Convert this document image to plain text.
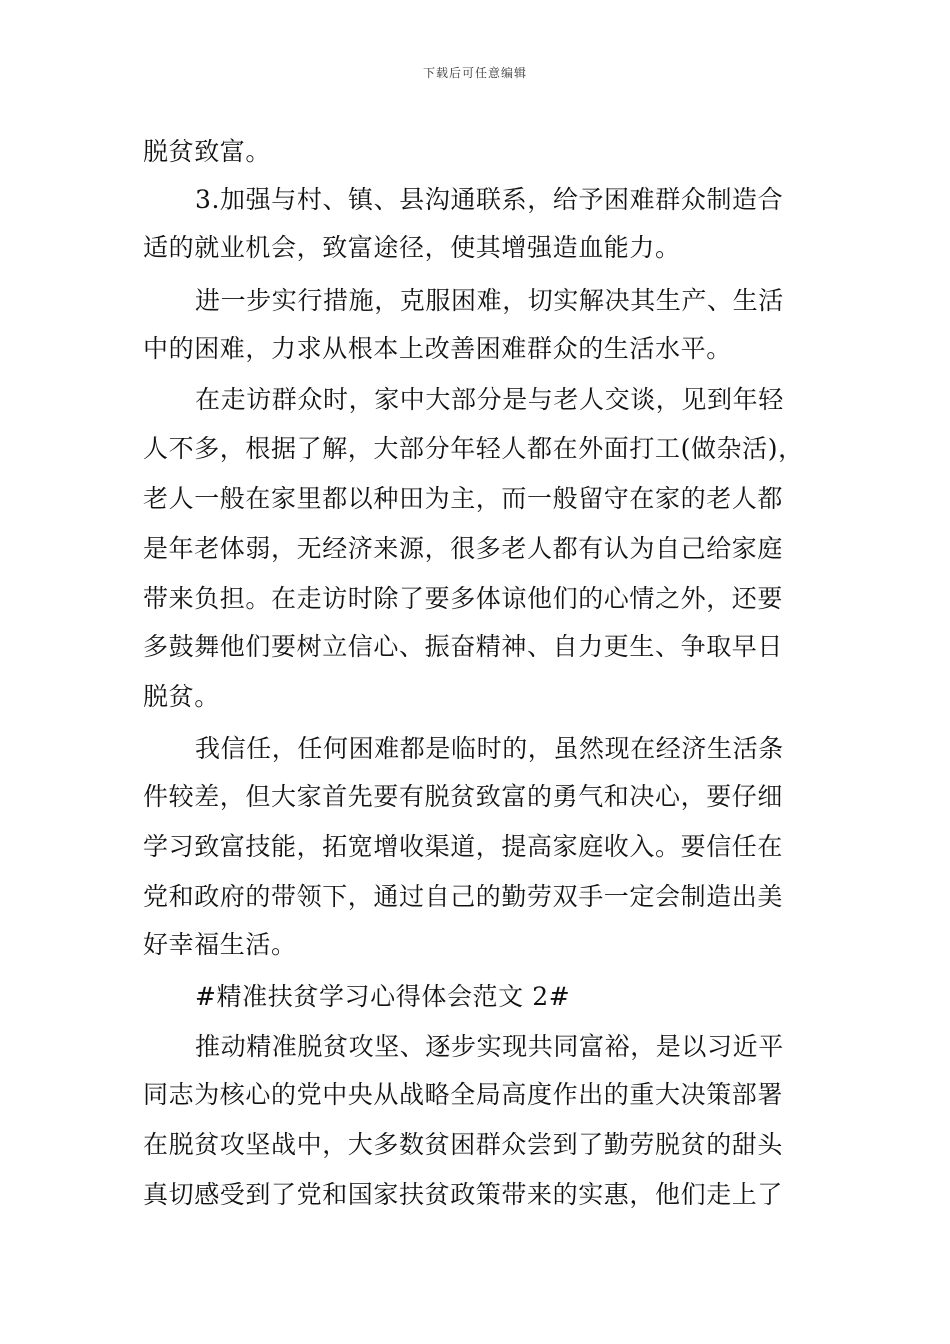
下载后可任意编辑
脱贫致富。
3.加强与村、镇、县沟通联系，给予困难群众制造合
适的就业机会，致富途径，使其增强造血能力。
进一步实行措施，克服困难，切实解决其生产、生活
中的困难，力求从根本上改善困难群众的生活水平。
在走访群众时，家中大部分是与老人交谈，见到年轻
人不多，根据了解，大部分年轻人都在外面打工(做杂活)，
老人一般在家里都以种田为主，而一般留守在家的老人都
是年老体弱，无经济来源，很多老人都有认为自己给家庭
带来负担。在走访时除了要多体谅他们的心情之外，还要
多鼓舞他们要树立信心、振奋精神、自力更生、争取早日
脱贫。
我信任，任何困难都是临时的，虽然现在经济生活条
件较差，但大家首先要有脱贫致富的勇气和决心，要仔细
学习致富技能，拓宽增收渠道，提高家庭收入。要信任在
党和政府的带领下，通过自己的勤劳双手一定会制造出美
好幸福生活。
#精准扶贫学习心得体会范文 2#
推动精准脱贫攻坚、逐步实现共同富裕，是以习近平
同志为核心的党中央从战略全局高度作出的重大决策部署
在脱贫攻坚战中，大多数贫困群众尝到了勤劳脱贫的甜头
真切感受到了党和国家扶贫政策带来的实惠，他们走上了
